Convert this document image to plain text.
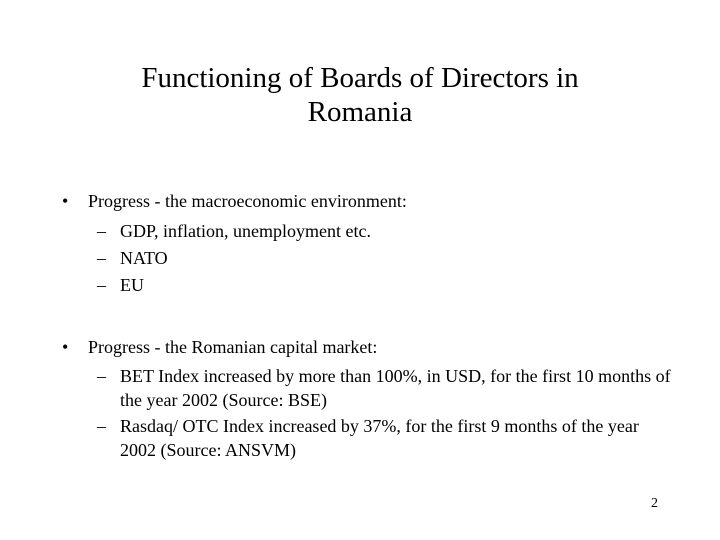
Functioning of Boards of Directors in
Romania
• Progress - the macroeconomic environment:
– GDP, inflation, unemployment etc.
– NATO
– EU
• Progress - the Romanian capital market:
– BET Index increased by more than 100%, in USD, for the first 10 months of the year 2002 (Source: BSE)
– Rasdaq/ OTC Index increased by 37%, for the first 9 months of the year 2002 (Source: ANSVM)
2
